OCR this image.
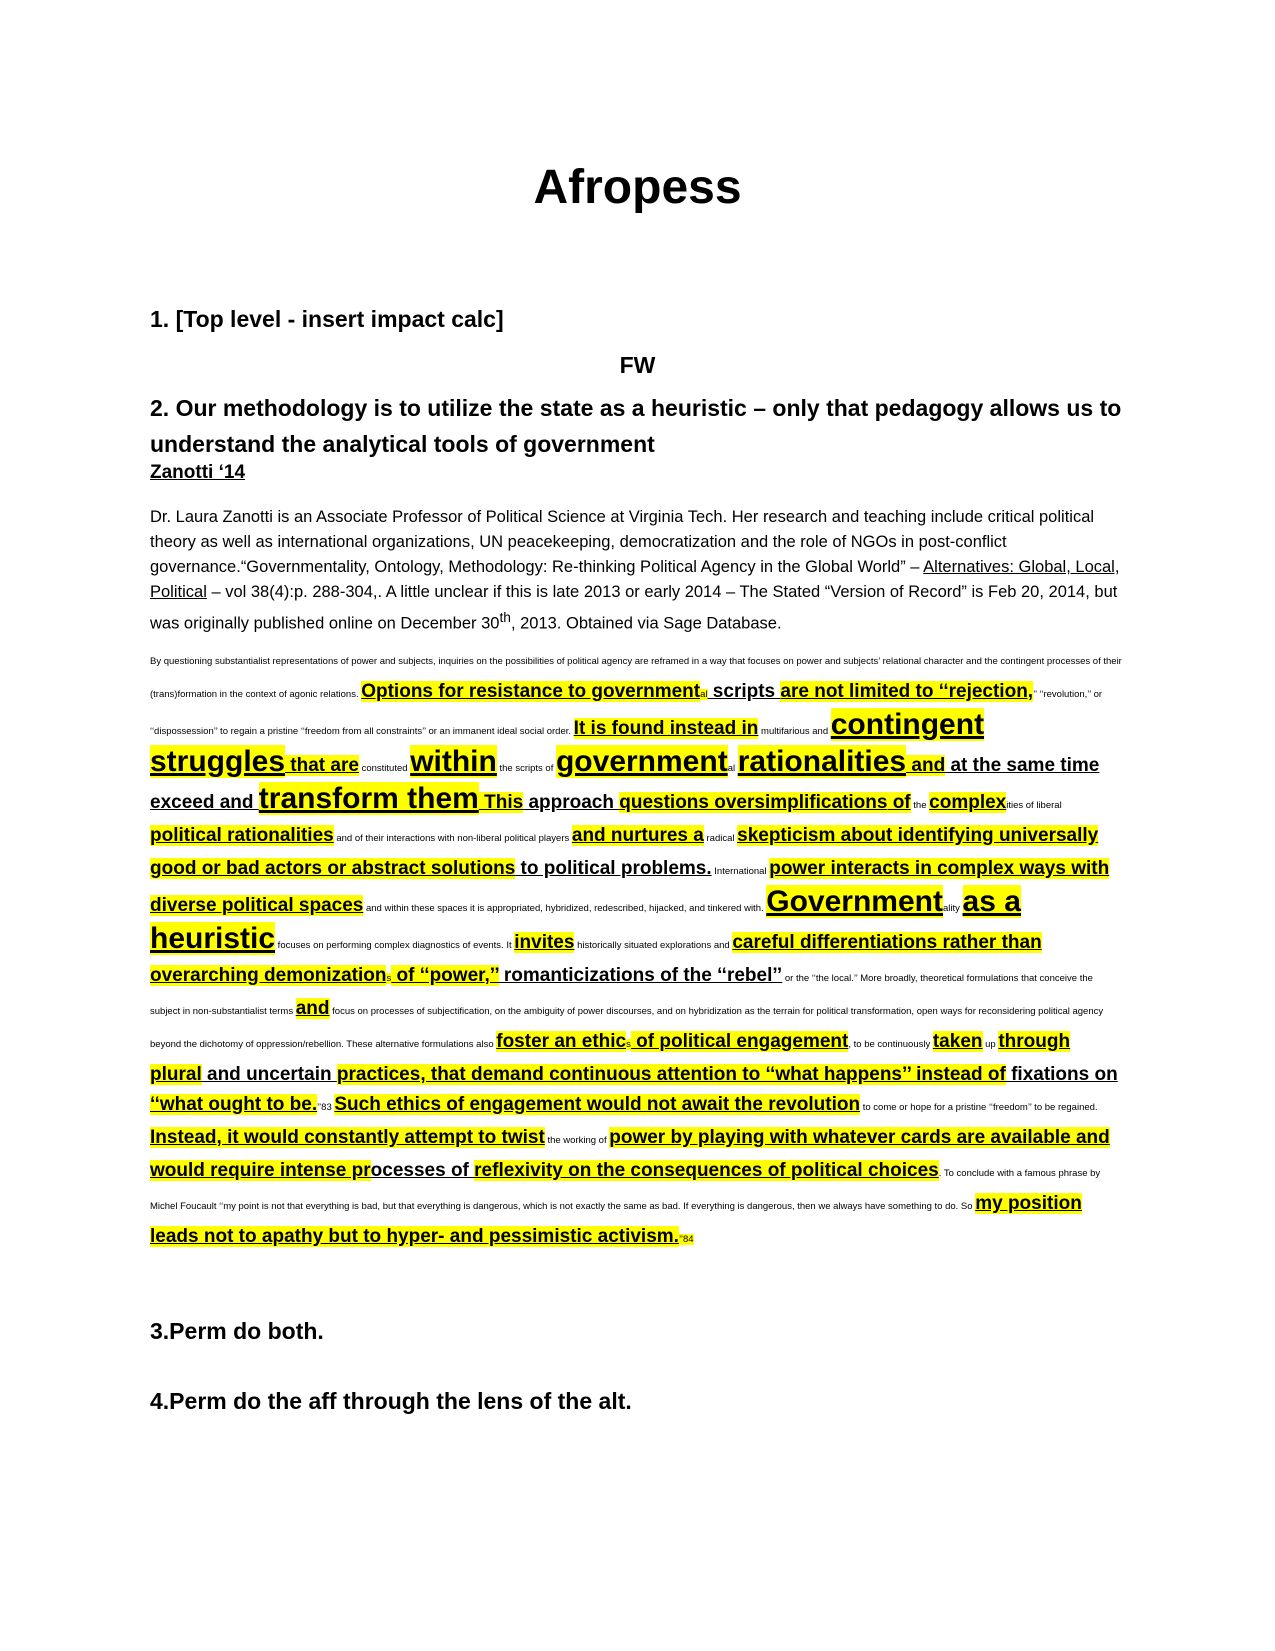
Afropess
1. [Top level - insert impact calc]
FW
2. Our methodology is to utilize the state as a heuristic – only that pedagogy allows us to understand the analytical tools of government
Zanotti ‘14
Dr. Laura Zanotti is an Associate Professor of Political Science at Virginia Tech. Her research and teaching include critical political theory as well as international organizations, UN peacekeeping, democratization and the role of NGOs in post-conflict governance.“Governmentality, Ontology, Methodology: Re-thinking Political Agency in the Global World” – Alternatives: Global, Local, Political – vol 38(4):p. 288-304,. A little unclear if this is late 2013 or early 2014 – The Stated “Version of Record” is Feb 20, 2014, but was originally published online on December 30th, 2013. Obtained via Sage Database.
By questioning substantialist representations of power and subjects, inquiries on the possibilities of political agency are reframed in a way that focuses on power and subjects’ relational character and the contingent processes of their (trans)formation in the context of agonic relations. Options for resistance to governmental scripts are not limited to ‘‘rejection,’’ ‘‘revolution,’’ or ‘‘dispossession’’ to regain a pristine ‘‘freedom from all constraints’’ or an immanent ideal social order. It is found instead in multifarious and contingent struggles that are constituted within the scripts of governmental rationalities and at the same time exceed and transform them This approach questions oversimplifications of the complexities of liberal political rationalities and of their interactions with non-liberal political players and nurtures a radical skepticism about identifying universally good or bad actors or abstract solutions to political problems. International power interacts in complex ways with diverse political spaces and within these spaces it is appropriated, hybridized, redescribed, hijacked, and tinkered with. Governmentality as a heuristic focuses on performing complex diagnostics of events. It invites historically situated explorations and careful differentiations rather than overarching demonizations of ‘‘power,’’ romanticizations of the ‘‘rebel’’ or the ‘‘the local.’’ More broadly, theoretical formulations that conceive the subject in non-substantialist terms and focus on processes of subjectification, on the ambiguity of power discourses, and on hybridization as the terrain for political transformation, open ways for reconsidering political agency beyond the dichotomy of oppression/rebellion. These alternative formulations also foster an ethics of political engagement, to be continuously taken up through plural and uncertain practices, that demand continuous attention to ‘‘what happens’’ instead of fixations on ‘‘what ought to be.’’83 Such ethics of engagement would not await the revolution to come or hope for a pristine ‘‘freedom’’ to be regained. Instead, it would constantly attempt to twist the working of power by playing with whatever cards are available and would require intense processes of reflexivity on the consequences of political choices. To conclude with a famous phrase by Michel Foucault ‘‘my point is not that everything is bad, but that everything is dangerous, which is not exactly the same as bad. If everything is dangerous, then we always have something to do. So my position leads not to apathy but to hyper- and pessimistic activism.’’84
3.Perm do both.
4.Perm do the aff through the lens of the alt.
